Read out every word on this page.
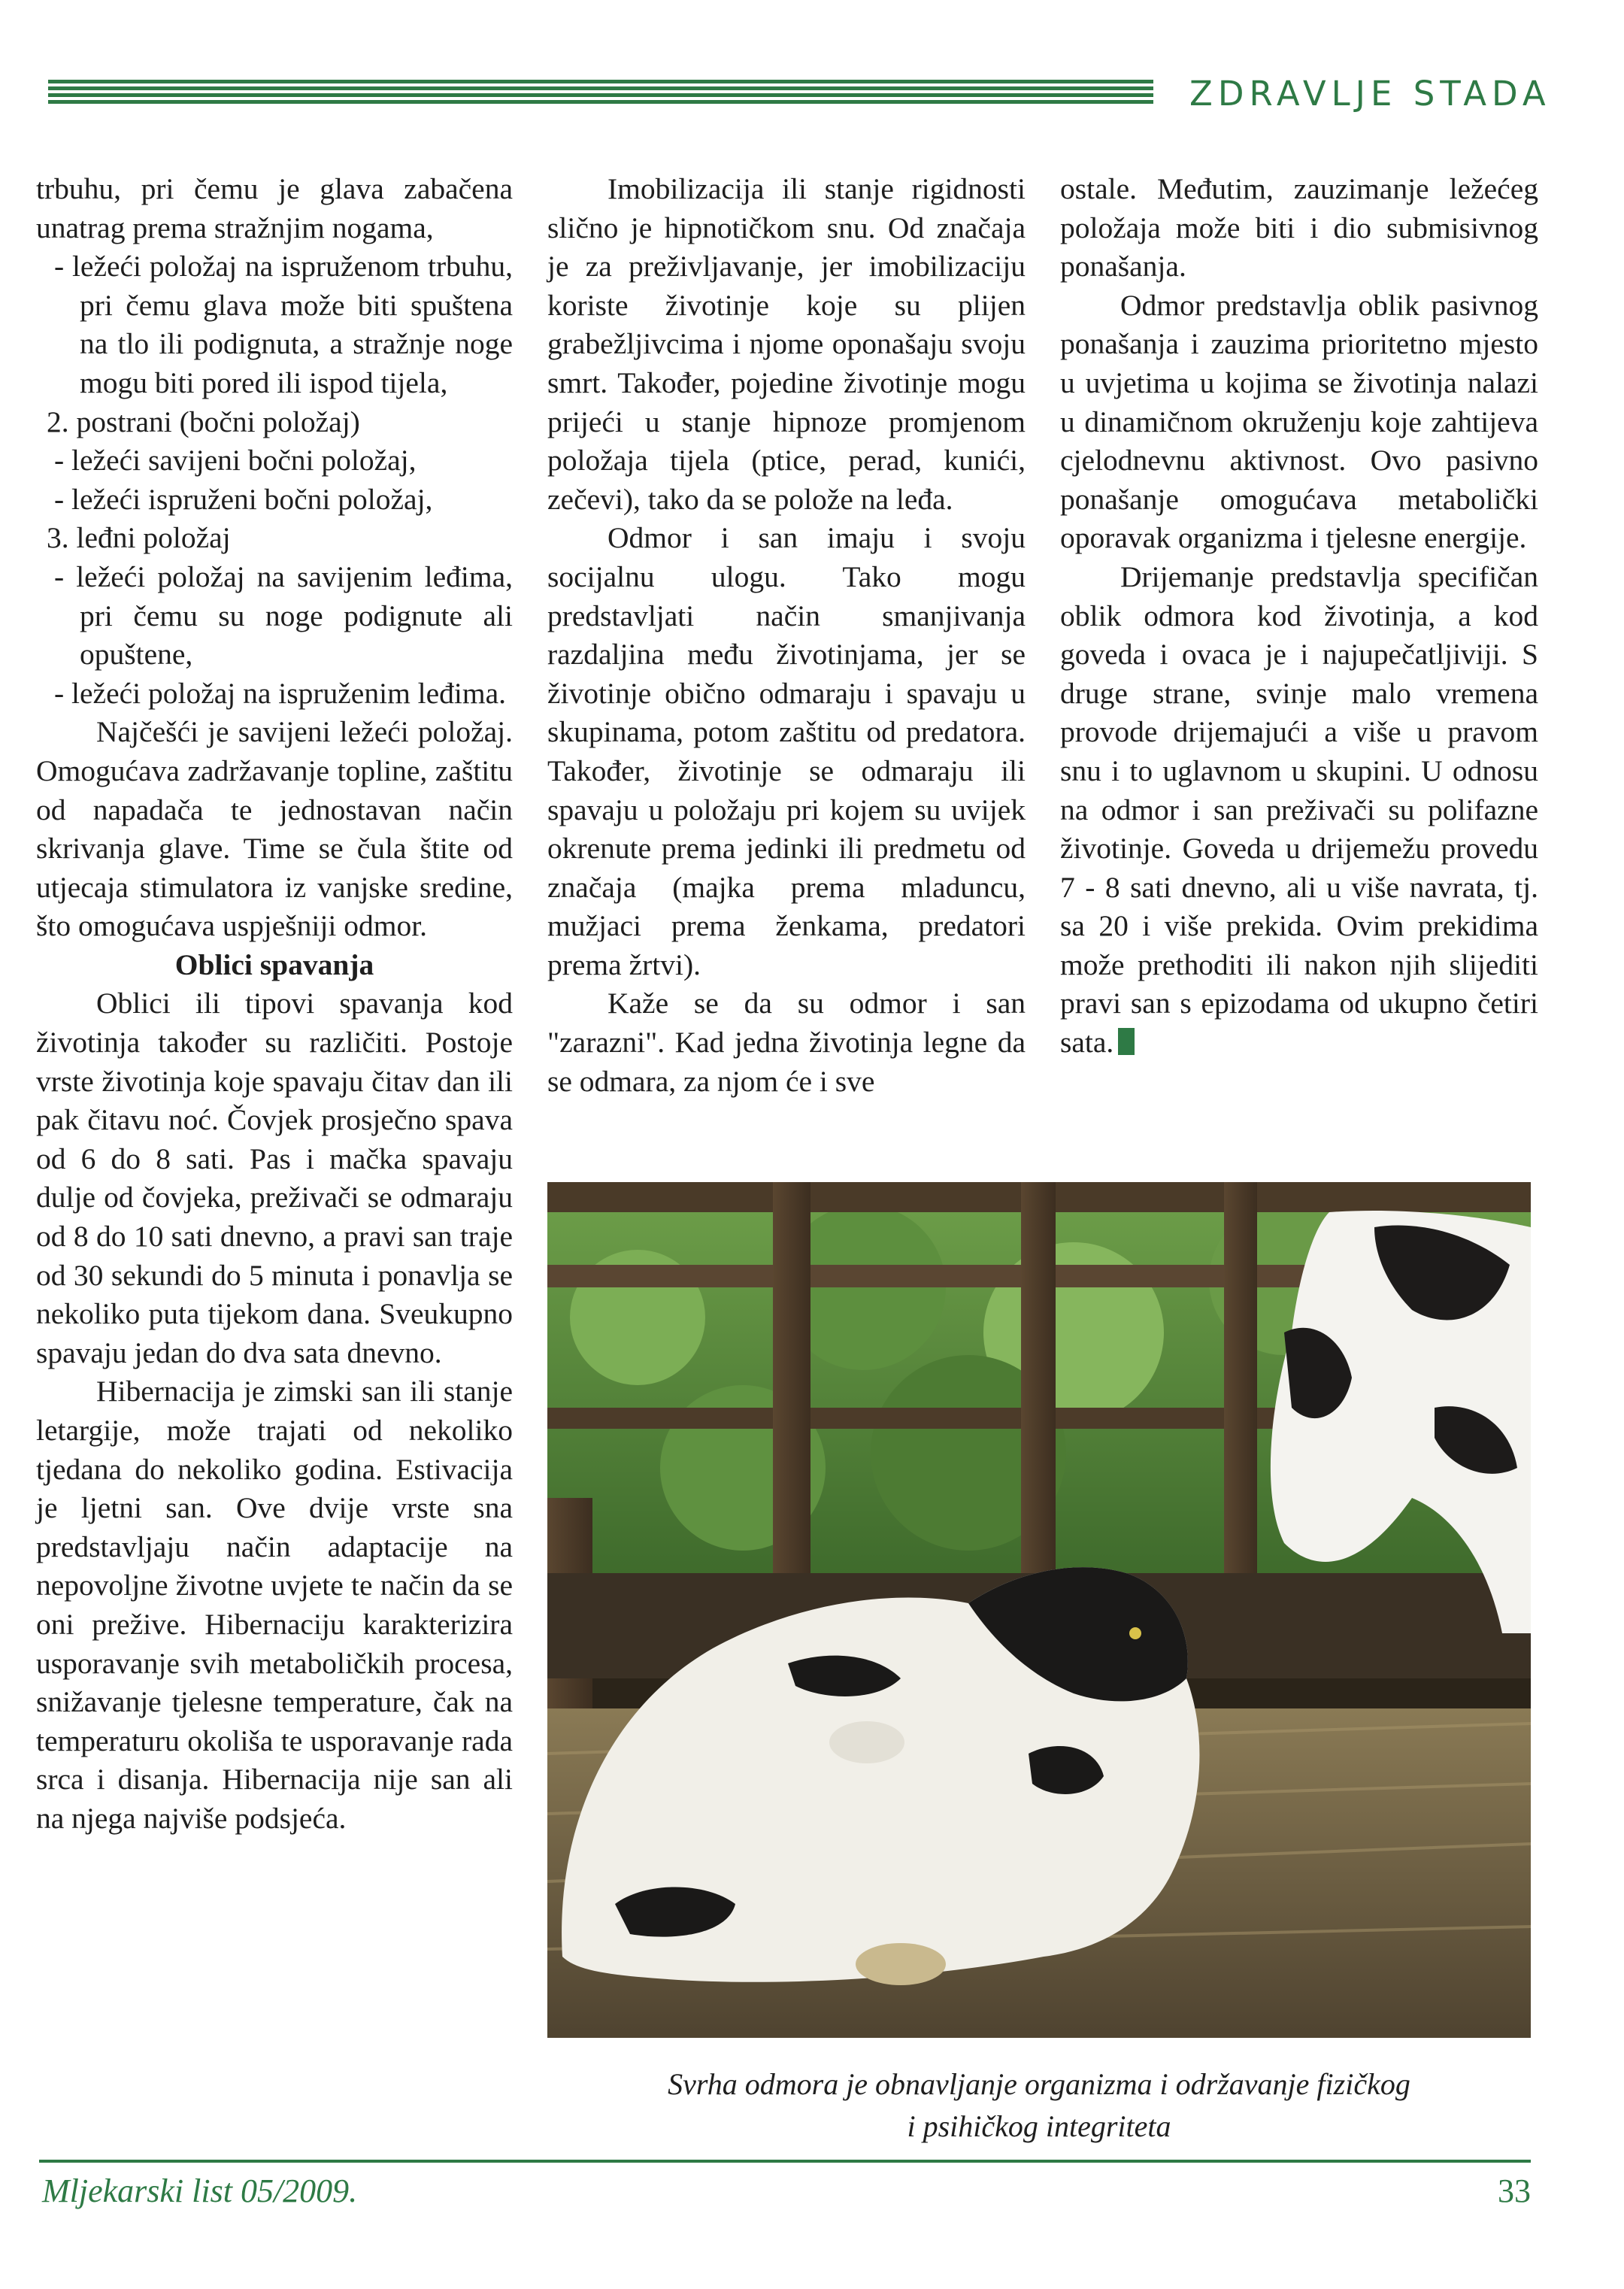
ZDRAVLJE STADA

trbuhu, pri čemu je glava zabačena unatrag prema stražnjim nogama,

- ležeći položaj na ispruženom trbuhu, pri čemu glava može biti spuštena na tlo ili podignuta, a stražnje noge mogu biti pored ili ispod tijela,

2. postrani (bočni položaj)

- ležeći savijeni bočni položaj,

- ležeći ispruženi bočni položaj,

3. leđni položaj

- ležeći položaj na savijenim leđima, pri čemu su noge podignute ali opuštene,

- ležeći položaj na ispruženim leđima.

Najčešći je savijeni ležeći položaj. Omogućava zadržavanje topline, zaštitu od napadača te jednostavan način skrivanja glave. Time se čula štite od utjecaja stimulatora iz vanjske sredine, što omogućava uspješniji odmor.

Oblici spavanja

Oblici ili tipovi spavanja kod životinja također su različiti. Postoje vrste životinja koje spavaju čitav dan ili pak čitavu noć. Čovjek prosječno spava od 6 do 8 sati. Pas i mačka spavaju dulje od čovjeka, preživači se odmaraju od 8 do 10 sati dnevno, a pravi san traje od 30 sekundi do 5 minuta i ponavlja se nekoliko puta tijekom dana. Sveukupno spavaju jedan do dva sata dnevno.

Hibernacija je zimski san ili stanje letargije, može trajati od nekoliko tjedana do nekoliko godina. Estivacija je ljetni san. Ove dvije vrste sna predstavljaju način adaptacije na nepovoljne životne uvjete te način da se oni prežive. Hibernaciju karakterizira usporavanje svih metaboličkih procesa, snižavanje tjelesne temperature, čak na temperaturu okoliša te usporavanje rada srca i disanja. Hibernacija nije san ali na njega najviše podsjeća.

Imobilizacija ili stanje rigidnosti slično je hipnotičkom snu. Od značaja je za preživljavanje, jer imobilizaciju koriste životinje koje su plijen grabežljivcima i njome oponašaju svoju smrt. Također, pojedine životinje mogu prijeći u stanje hipnoze promjenom položaja tijela (ptice, perad, kunići, zečevi), tako da se polože na leđa.

Odmor i san imaju i svoju socijalnu ulogu. Tako mogu predstavljati način smanjivanja razdaljina među životinjama, jer se životinje obično odmaraju i spavaju u skupinama, potom zaštitu od predatora. Također, životinje se odmaraju ili spavaju u položaju pri kojem su uvijek okrenute prema jedinki ili predmetu od značaja (majka prema mladuncu, mužjaci prema ženkama, predatori prema žrtvi).

Kaže se da su odmor i san "zarazni". Kad jedna životinja legne da se odmara, za njom će i sve

ostale. Međutim, zauzimanje ležećeg položaja može biti i dio submisivnog ponašanja.

Odmor predstavlja oblik pasivnog ponašanja i zauzima prioritetno mjesto u uvjetima u kojima se životinja nalazi u dinamičnom okruženju koje zahtijeva cjelodnevnu aktivnost. Ovo pasivno ponašanje omogućava metabolički oporavak organizma i tjelesne energije.

Drijemanje predstavlja specifičan oblik odmora kod životinja, a kod goveda i ovaca je i najupečatljiviji. S druge strane, svinje malo vremena provode drijemajući a više u pravom snu i to uglavnom u skupini. U odnosu na odmor i san preživači su polifazne životinje. Goveda u drijemežu provedu 7 - 8 sati dnevno, ali u više navrata, tj. sa 20 i više prekida. Ovim prekidima može prethoditi ili nakon njih slijediti pravi san s epizodama od ukupno četiri sata.

Svrha odmora je obnavljanje organizma i održavanje fizičkog
i psihičkog integriteta
Mljekarski list 05/2009.	33
